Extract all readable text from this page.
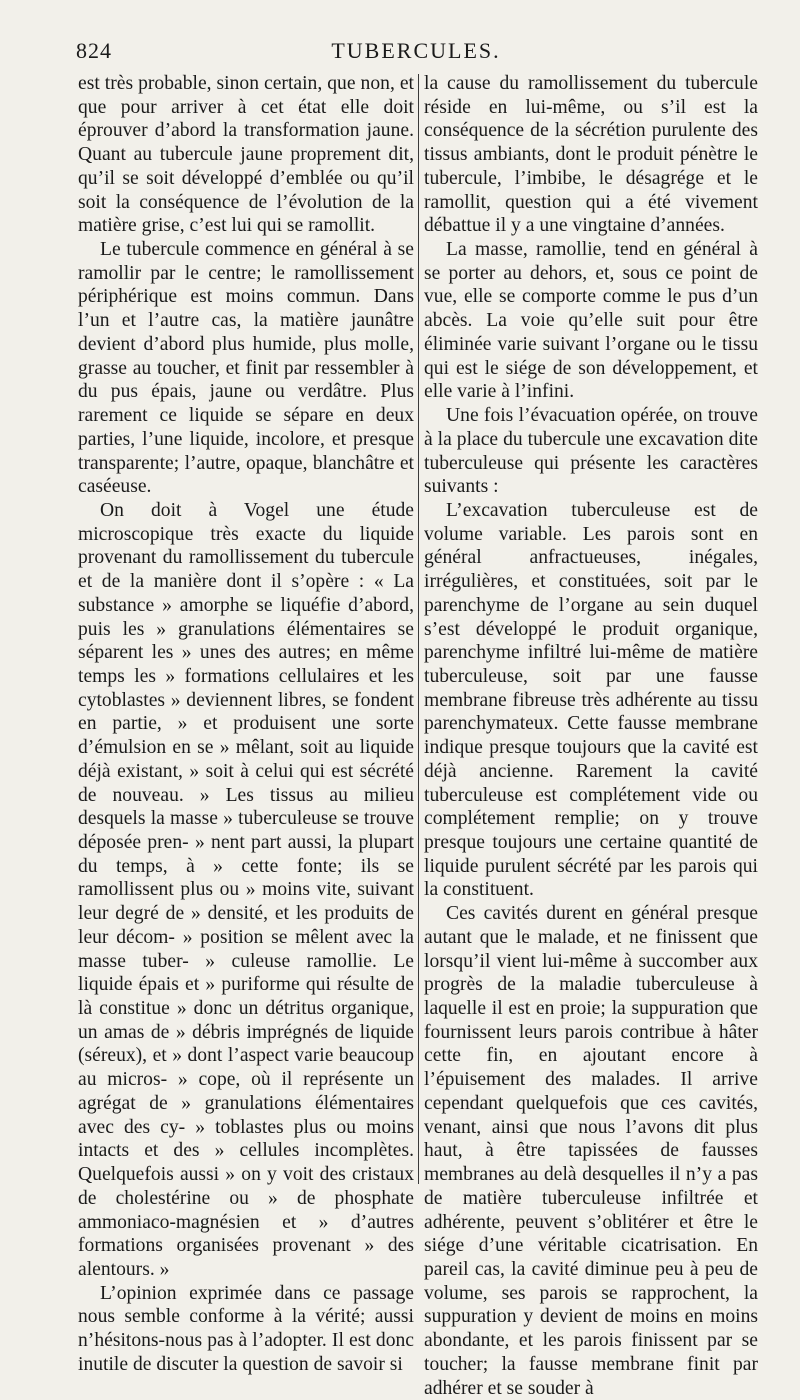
824	TUBERCULES.

est très probable, sinon certain, que non, et que pour arriver à cet état elle doit éprouver d’abord la transformation jaune. Quant au tubercule jaune proprement dit, qu’il se soit développé d’emblée ou qu’il soit la conséquence de l’évolution de la matière grise, c’est lui qui se ramollit.

Le tubercule commence en général à se ramollir par le centre; le ramollissement périphérique est moins commun. Dans l’un et l’autre cas, la matière jaunâtre devient d’abord plus humide, plus molle, grasse au toucher, et finit par ressembler à du pus épais, jaune ou verdâtre. Plus rarement ce liquide se sépare en deux parties, l’une liquide, incolore, et presque transparente; l’autre, opaque, blanchâtre et caséeuse.

On doit à Vogel une étude microscopique très exacte du liquide provenant du ramollissement du tubercule et de la manière dont il s’opère : « La substance » amorphe se liquéfie d’abord, puis les » granulations élémentaires se séparent les » unes des autres; en même temps les » formations cellulaires et les cytoblastes » deviennent libres, se fondent en partie, » et produisent une sorte d’émulsion en se » mêlant, soit au liquide déjà existant, » soit à celui qui est sécrété de nouveau. » Les tissus au milieu desquels la masse » tuberculeuse se trouve déposée pren- » nent part aussi, la plupart du temps, à » cette fonte; ils se ramollissent plus ou » moins vite, suivant leur degré de » densité, et les produits de leur décom- » position se mêlent avec la masse tuber- » culeuse ramollie. Le liquide épais et » puriforme qui résulte de là constitue » donc un détritus organique, un amas de » débris imprégnés de liquide (séreux), et » dont l’aspect varie beaucoup au micros- » cope, où il représente un agrégat de » granulations élémentaires avec des cy- » toblastes plus ou moins intacts et des » cellules incomplètes. Quelquefois aussi » on y voit des cristaux de cholestérine ou » de phosphate ammoniaco-magnésien et » d’autres formations organisées provenant » des alentours. »

L’opinion exprimée dans ce passage nous semble conforme à la vérité; aussi n’hésitons-nous pas à l’adopter. Il est donc inutile de discuter la question de savoir si

la cause du ramollissement du tubercule réside en lui-même, ou s’il est la conséquence de la sécrétion purulente des tissus ambiants, dont le produit pénètre le tubercule, l’imbibe, le désagrége et le ramollit, question qui a été vivement débattue il y a une vingtaine d’années.

La masse, ramollie, tend en général à se porter au dehors, et, sous ce point de vue, elle se comporte comme le pus d’un abcès. La voie qu’elle suit pour être éliminée varie suivant l’organe ou le tissu qui est le siége de son développement, et elle varie à l’infini.

Une fois l’évacuation opérée, on trouve à la place du tubercule une excavation dite tuberculeuse qui présente les caractères suivants :

L’excavation tuberculeuse est de volume variable. Les parois sont en général anfractueuses, inégales, irrégulières, et constituées, soit par le parenchyme de l’organe au sein duquel s’est développé le produit organique, parenchyme infiltré lui-même de matière tuberculeuse, soit par une fausse membrane fibreuse très adhérente au tissu parenchymateux. Cette fausse membrane indique presque toujours que la cavité est déjà ancienne. Rarement la cavité tuberculeuse est complétement vide ou complétement remplie; on y trouve presque toujours une certaine quantité de liquide purulent sécrété par les parois qui la constituent.

Ces cavités durent en général presque autant que le malade, et ne finissent que lorsqu’il vient lui-même à succomber aux progrès de la maladie tuberculeuse à laquelle il est en proie; la suppuration que fournissent leurs parois contribue à hâter cette fin, en ajoutant encore à l’épuisement des malades. Il arrive cependant quelquefois que ces cavités, venant, ainsi que nous l’avons dit plus haut, à être tapissées de fausses membranes au delà desquelles il n’y a pas de matière tuberculeuse infiltrée et adhérente, peuvent s’oblitérer et être le siége d’une véritable cicatrisation. En pareil cas, la cavité diminue peu à peu de volume, ses parois se rapprochent, la suppuration y devient de moins en moins abondante, et les parois finissent par se toucher; la fausse membrane finit par adhérer et se souder à
